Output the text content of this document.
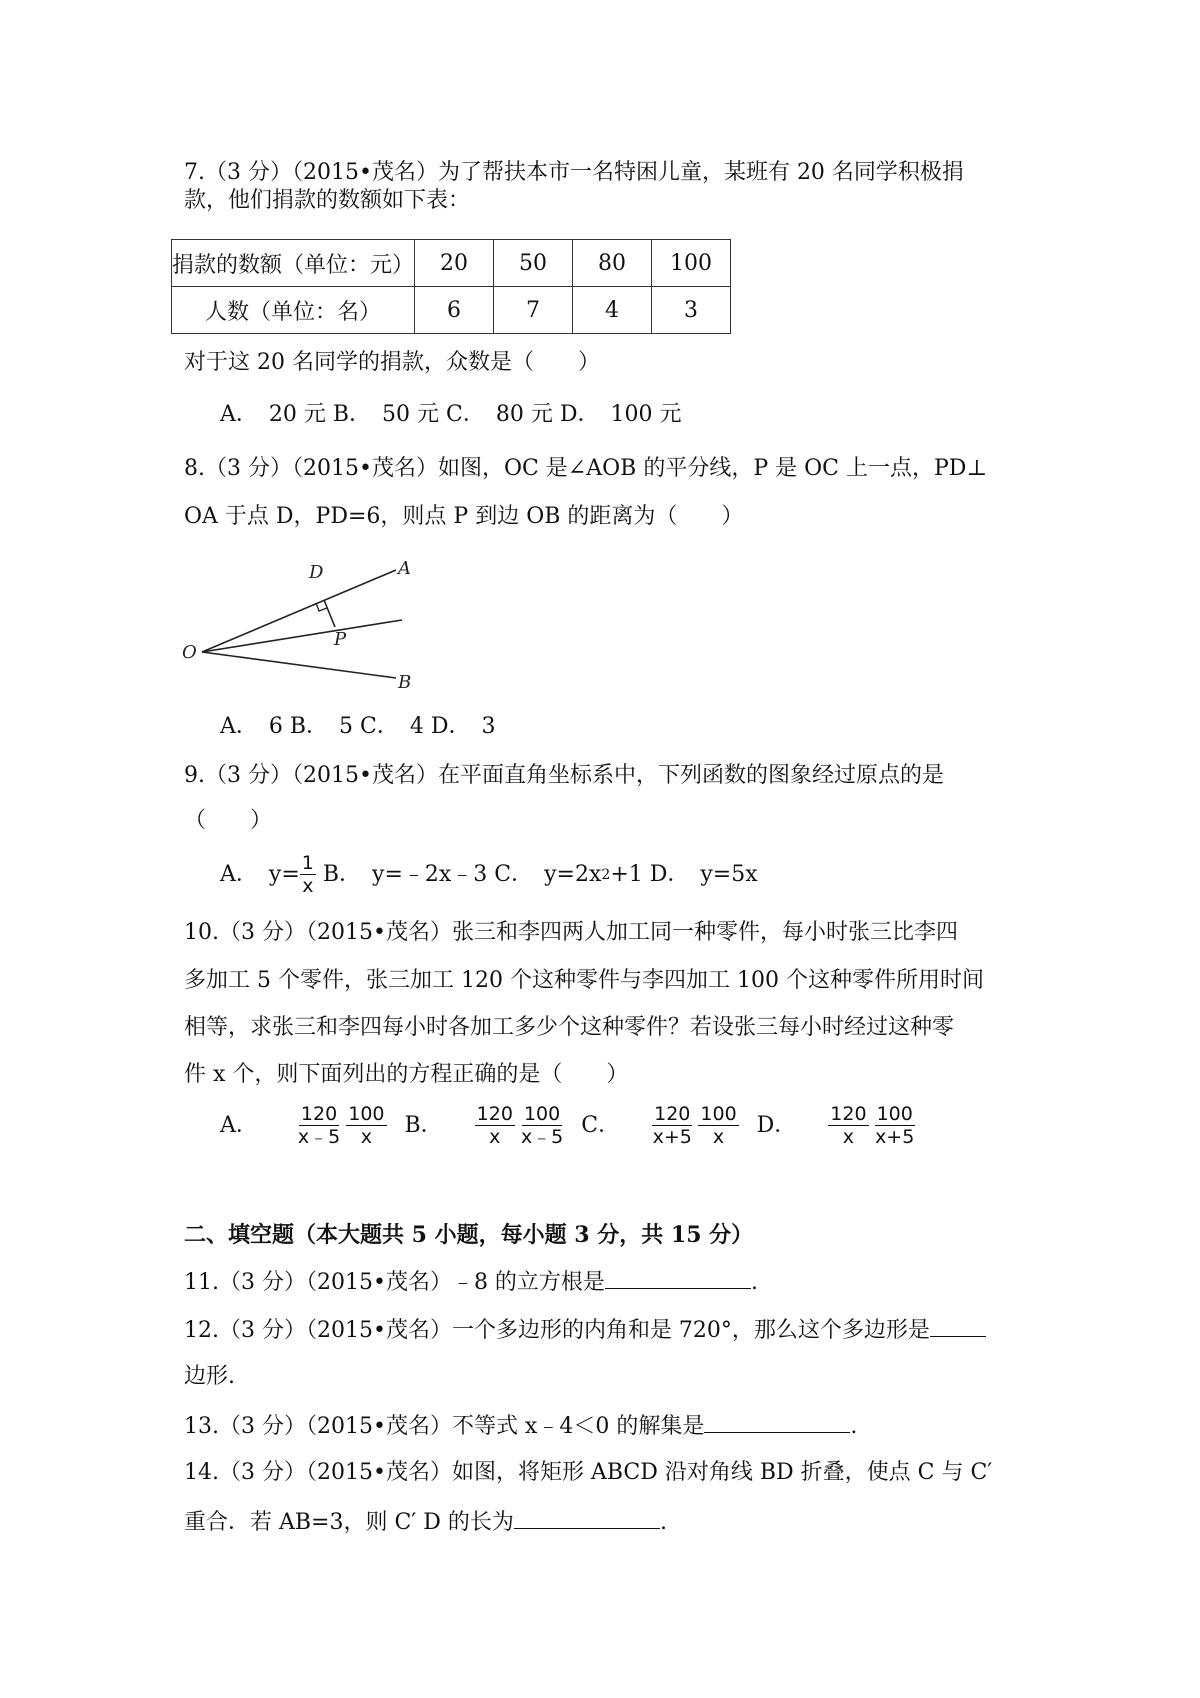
7.（3 分）（2015•茂名）为了帮扶本市一名特困儿童，某班有 20 名同学积极捐
款，他们捐款的数额如下表：
捐款的数额（单位：元）	20	50	80	100
人数（单位：名）	6	7	4	3
对于这 20 名同学的捐款，众数是（　　）
A．　20 元 B．　50 元 C．　80 元 D．　100 元
8.（3 分）（2015•茂名）如图，OC 是∠AOB 的平分线，P 是 OC 上一点，PD⊥
OA 于点 D，PD=6，则点 P 到边 OB 的距离为（　　）
D	A
P
O
B
A．　6 B．　5 C．　4 D．　3
9.（3 分）（2015•茂名）在平面直角坐标系中，下列函数的图象经过原点的是
（　　）
A．　$y= \frac{1}{x}$ B．　y=﹣2x﹣3 C．　y=2x 2 +1 D．　y=5x
10.（3 分）（2015•茂名）张三和李四两人加工同一种零件，每小时张三比李四
多加工 5 个零件，张三加工 120 个这种零件与李四加工 100 个这种零件所用时间
相等，求张三和李四每小时各加工多少个这种零件？若设张三每小时经过这种零
件 x 个，则下面列出的方程正确的是（　　）
A． $\frac{120}{x﹣5} \frac{100}{x}$ B． $\frac{120}{x} \frac{100}{x﹣5}$ C． $\frac{120}{x+5} \frac{100}{x}$ D． $\frac{120}{x} \frac{100}{x+5}$
二、填空题（本大题共 5 小题，每小题 3 分，共 15 分）
11.（3 分）（2015•茂名）﹣8 的立方根是	.
12.（3 分）（2015•茂名）一个多边形的内角和是 720°，那么这个多边形是
边形.
13.（3 分）（2015•茂名）不等式 x﹣4＜0 的解集是	.
14.（3 分）（2015•茂名）如图，将矩形 ABCD 沿对角线 BD 折叠，使点 C 与 C′
重合．若 AB=3，则 C′ D 的长为	.
